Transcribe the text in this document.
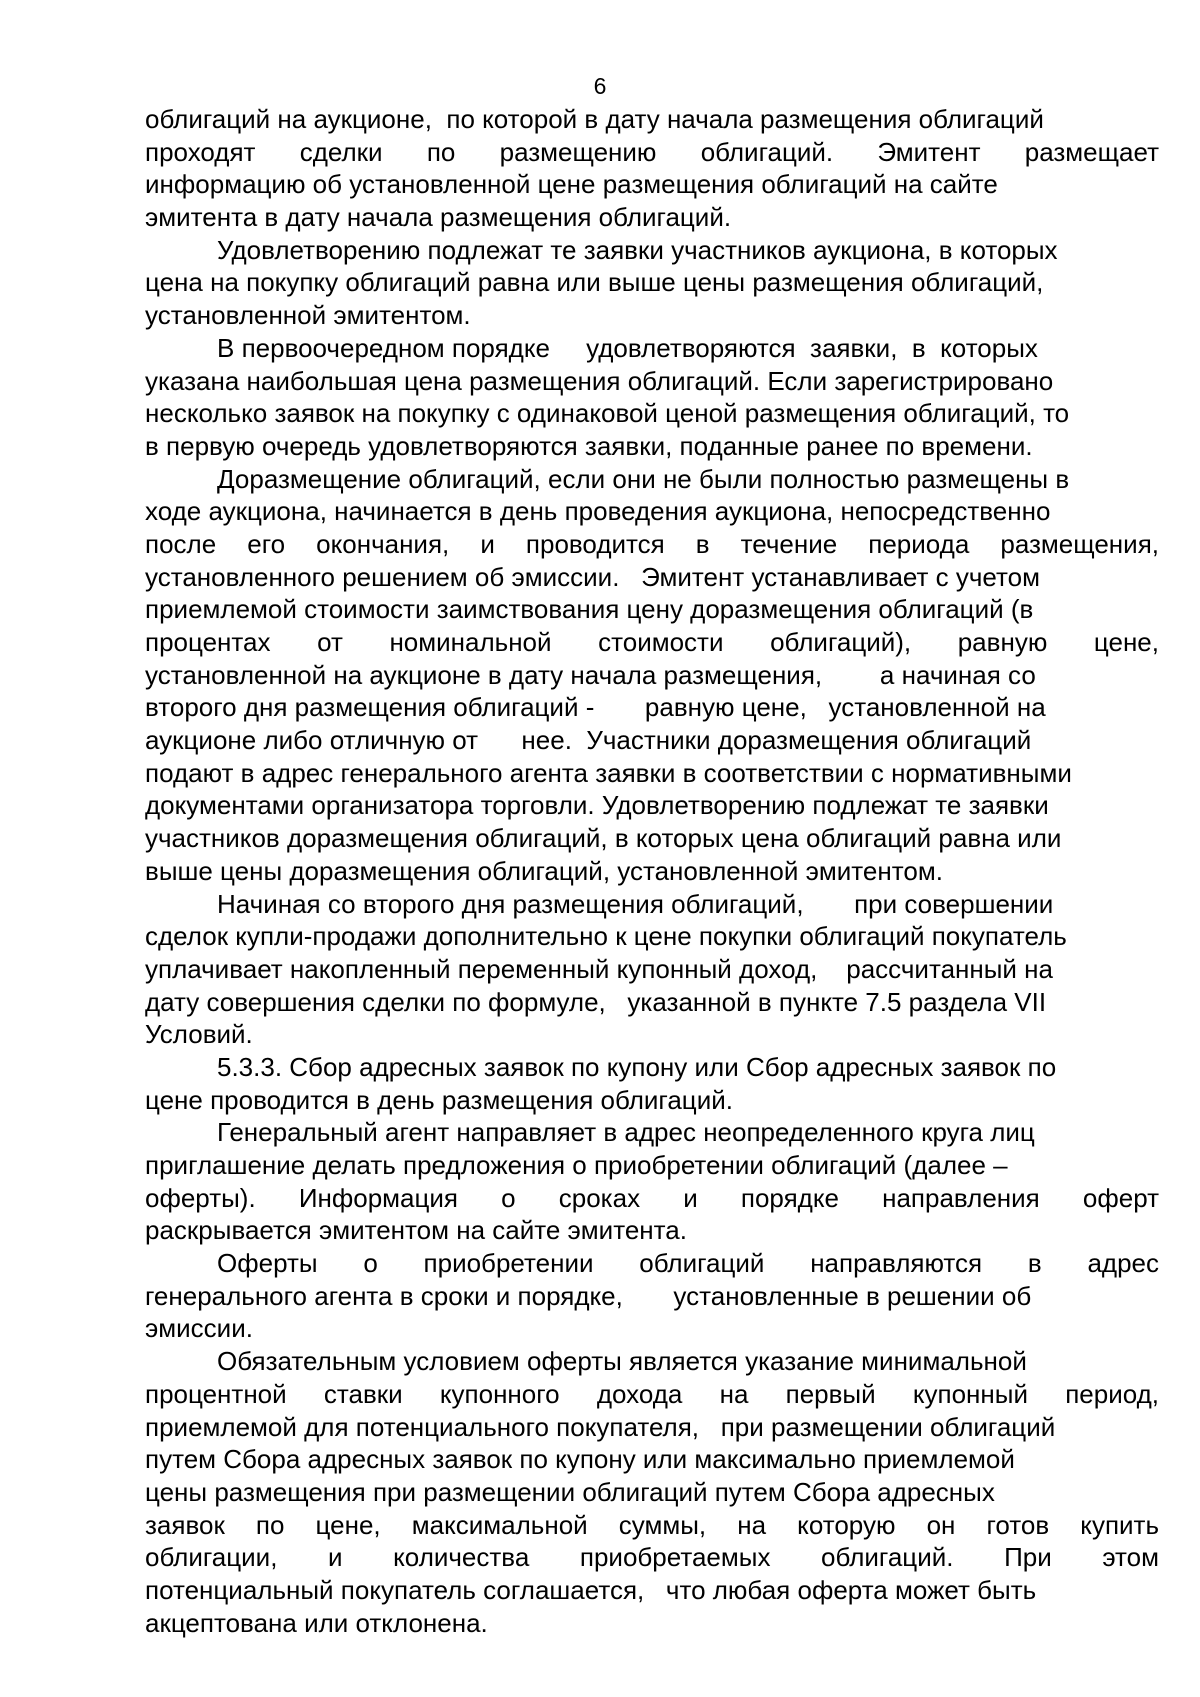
6
облигаций на аукционе,  по которой в дату начала размещения облигаций
проходят сделки по размещению облигаций. Эмитент размещает
информацию об установленной цене размещения облигаций на сайте
эмитента в дату начала размещения облигаций.
Удовлетворению подлежат те заявки участников аукциона, в которых
цена на покупку облигаций равна или выше цены размещения облигаций,
установленной эмитентом.
В первоочередном порядке     удовлетворяются  заявки,  в  которых
указана наибольшая цена размещения облигаций. Если зарегистрировано
несколько заявок на покупку с одинаковой ценой размещения облигаций, то
в первую очередь удовлетворяются заявки, поданные ранее по времени.
Доразмещение облигаций, если они не были полностью размещены в
ходе аукциона, начинается в день проведения аукциона, непосредственно
после его окончания, и проводится в течение периода размещения,
установленного решением об эмиссии.   Эмитент устанавливает с учетом
приемлемой стоимости заимствования цену доразмещения облигаций (в
процентах от номинальной стоимости облигаций), равную цене,
установленной на аукционе в дату начала размещения,        а начиная со
второго дня размещения облигаций -       равную цене,   установленной на
аукционе либо отличную от      нее.  Участники доразмещения облигаций
подают в адрес генерального агента заявки в соответствии с нормативными
документами организатора торговли. Удовлетворению подлежат те заявки
участников доразмещения облигаций, в которых цена облигаций равна или
выше цены доразмещения облигаций, установленной эмитентом.
Начиная со второго дня размещения облигаций,       при совершении
сделок купли-продажи дополнительно к цене покупки облигаций покупатель
уплачивает накопленный переменный купонный доход,    рассчитанный на
дату совершения сделки по формуле,   указанной в пункте 7.5 раздела VII
Условий.
5.3.3. Сбор адресных заявок по купону или Сбор адресных заявок по
цене проводится в день размещения облигаций.
Генеральный агент направляет в адрес неопределенного круга лиц
приглашение делать предложения о приобретении облигаций (далее –
оферты). Информация о сроках и порядке направления оферт
раскрывается эмитентом на сайте эмитента.
Оферты о приобретении облигаций направляются в адрес
генерального агента в сроки и порядке,       установленные в решении об
эмиссии.
Обязательным условием оферты является указание минимальной
процентной ставки купонного дохода на первый купонный период,
приемлемой для потенциального покупателя,   при размещении облигаций
путем Сбора адресных заявок по купону или максимально приемлемой
цены размещения при размещении облигаций путем Сбора адресных
заявок по цене, максимальной суммы, на которую он готов купить
облигации, и количества приобретаемых облигаций. При этом
потенциальный покупатель соглашается,   что любая оферта может быть
акцептована или отклонена.
